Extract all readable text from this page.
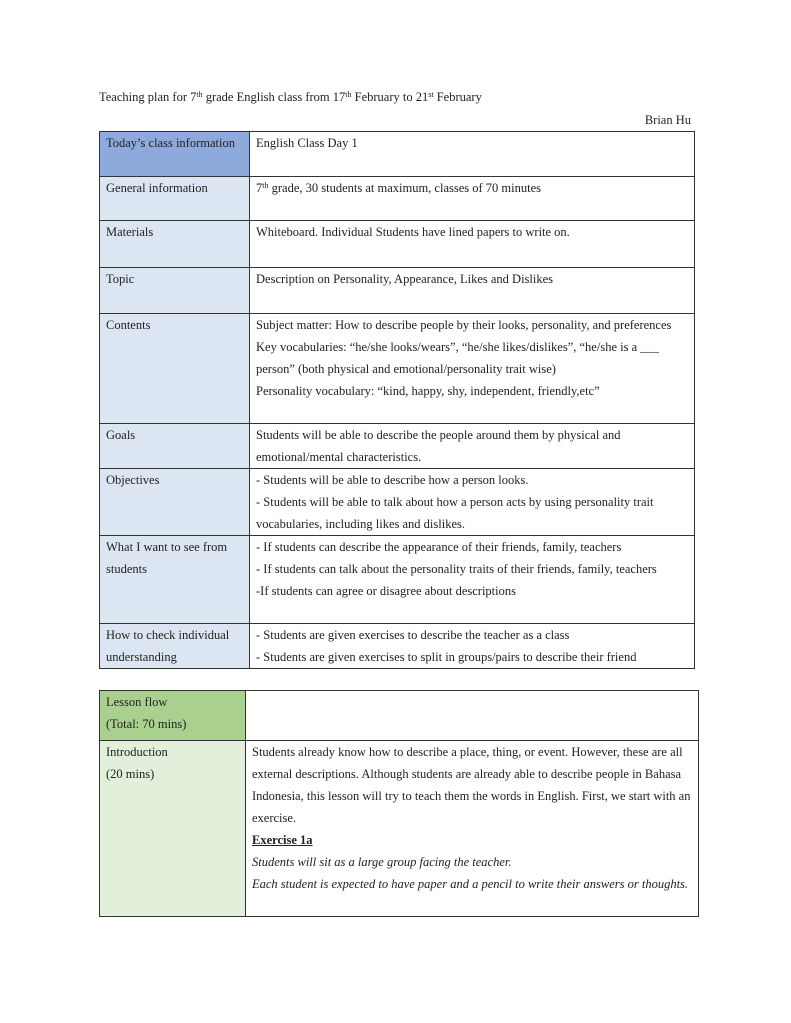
Teaching plan for 7th grade English class from 17th February to 21st February
Brian Hu
Today’s class information	English Class Day 1
General information	7th grade, 30 students at maximum, classes of 70 minutes
Materials	Whiteboard. Individual Students have lined papers to write on.
Topic	Description on Personality, Appearance, Likes and Dislikes
Contents	Subject matter: How to describe people by their looks, personality, and preferences
Key vocabularies: “he/she looks/wears”, “he/she likes/dislikes”, “he/she is a ___ person” (both physical and emotional/personality trait wise)
Personality vocabulary: “kind, happy, shy, independent, friendly,etc”

Goals	Students will be able to describe the people around them by physical and emotional/mental characteristics.
Objectives	- Students will be able to describe how a person looks.
- Students will be able to talk about how a person acts by using personality trait vocabularies, including likes and dislikes.

What I want to see from students	- If students can describe the appearance of their friends, family, teachers
- If students can talk about the personality traits of their friends, family, teachers
-If students can agree or disagree about descriptions

How to check individual understanding	- Students are given exercises to describe the teacher as a class
- Students are given exercises to split in groups/pairs to describe their friend
Lesson flow
(Total: 70 mins)	

Introduction
(20 mins)	Students already know how to describe a place, thing, or event. However, these are all external descriptions. Although students are already able to describe people in Bahasa Indonesia, this lesson will try to teach them the words in English. First, we start with an exercise.
Exercise 1a
Students will sit as a large group facing the teacher.
Each student is expected to have paper and a pencil to write their answers or thoughts.
